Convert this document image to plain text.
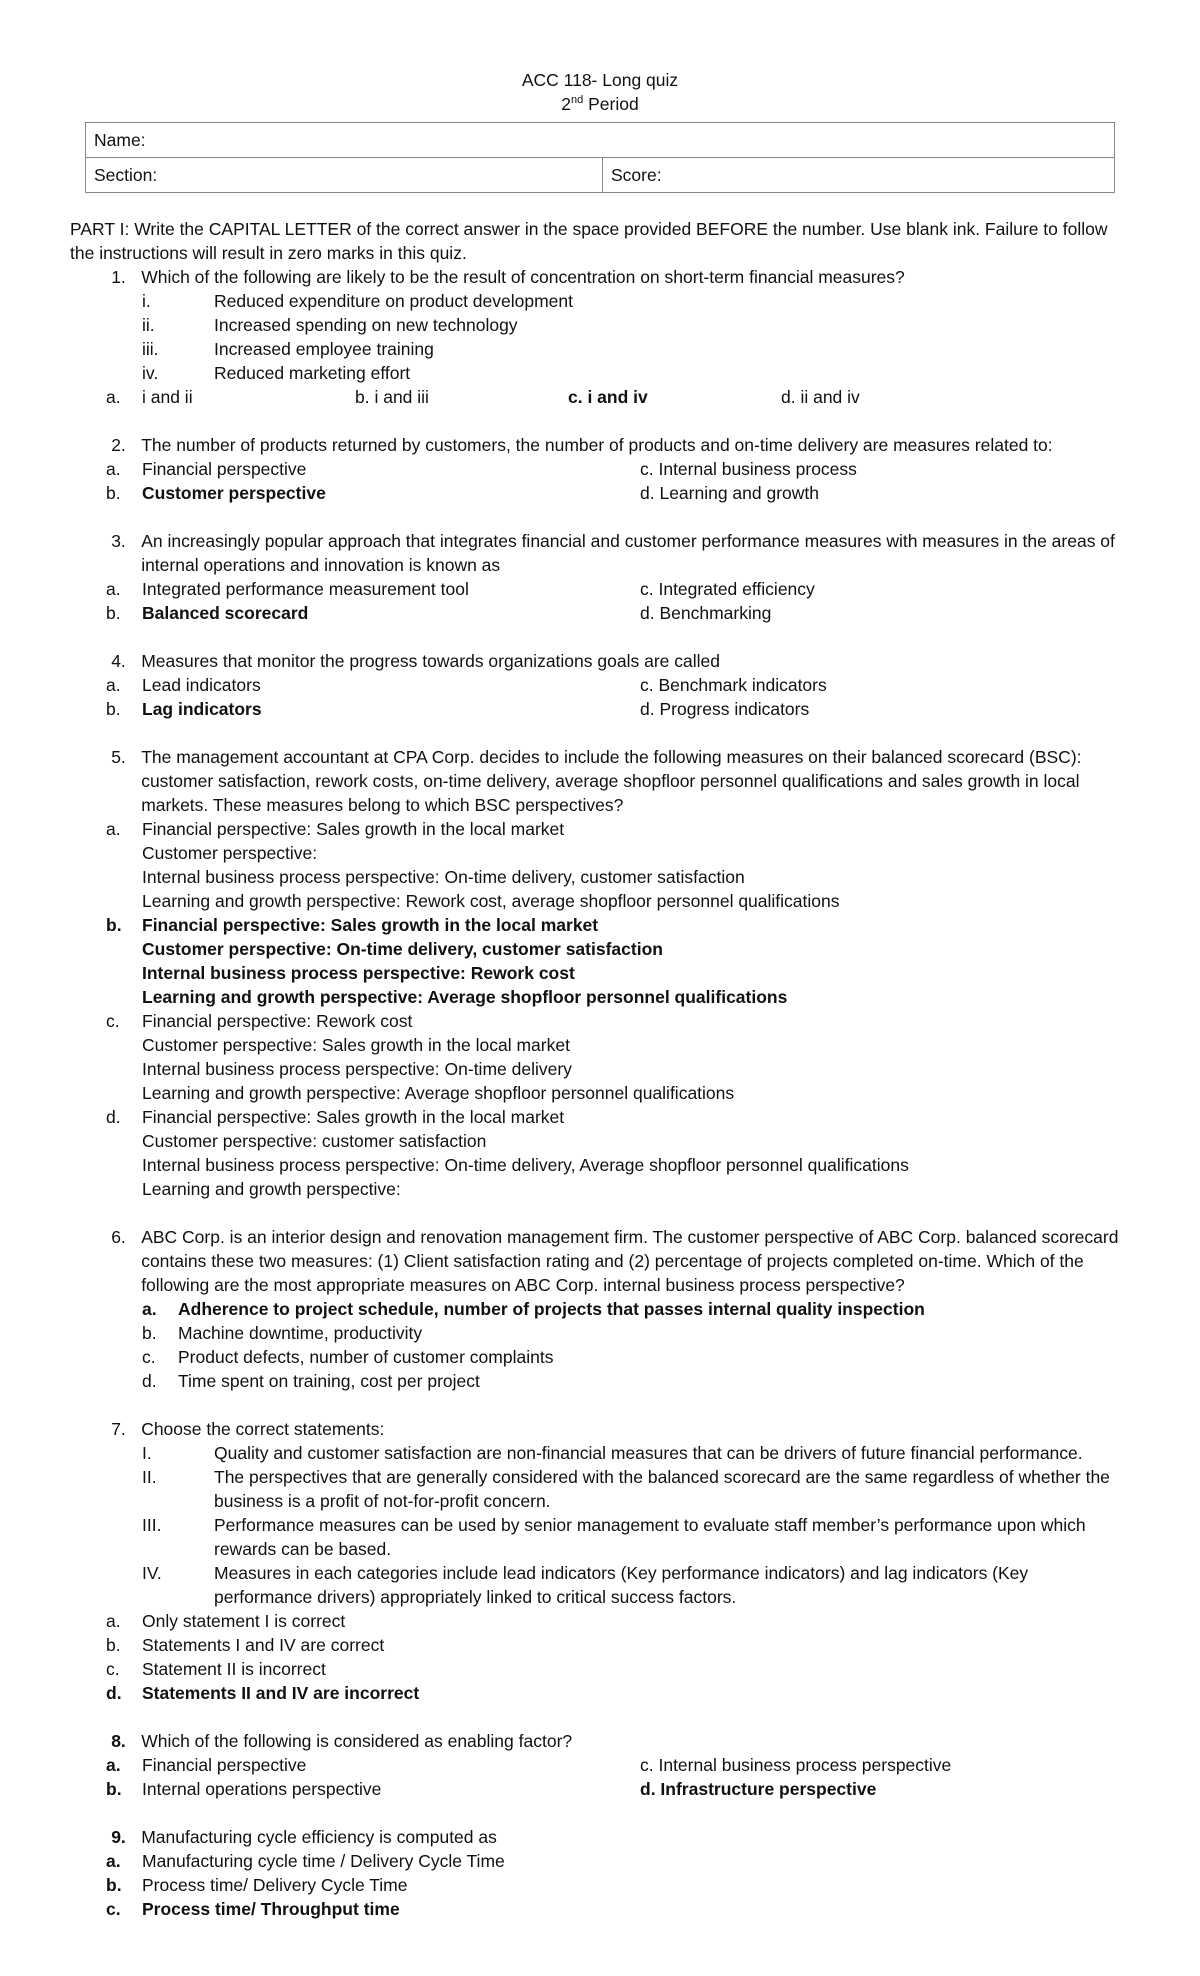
ACC 118- Long quiz
2nd Period
Name:
Section:	Score:
PART I: Write the CAPITAL LETTER of the correct answer in the space provided BEFORE the number. Use blank ink. Failure to follow the instructions will result in zero marks in this quiz.
1. Which of the following are likely to be the result of concentration on short-term financial measures?
i.	Reduced expenditure on product development
ii.	Increased spending on new technology
iii.	Increased employee training
iv.	Reduced marketing effort
a.	i and ii	b. i and iii	c. i and iv	d. ii and iv
2. The number of products returned by customers, the number of products and on-time delivery are measures related to:
a.	Financial perspective	c. Internal business process
b.	Customer perspective	d. Learning and growth
3. An increasingly popular approach that integrates financial and customer performance measures with measures in the areas of internal operations and innovation is known as
a.	Integrated performance measurement tool	c. Integrated efficiency
b.	Balanced scorecard	d. Benchmarking
4. Measures that monitor the progress towards organizations goals are called
a.	Lead indicators	c. Benchmark indicators
b.	Lag indicators	d. Progress indicators
5. The management accountant at CPA Corp. decides to include the following measures on their balanced scorecard (BSC): customer satisfaction, rework costs, on-time delivery, average shopfloor personnel qualifications and sales growth in local markets. These measures belong to which BSC perspectives?
a.	Financial perspective: Sales growth in the local market
Customer perspective:
Internal business process perspective: On-time delivery, customer satisfaction
Learning and growth perspective: Rework cost, average shopfloor personnel qualifications
b.	Financial perspective: Sales growth in the local market
Customer perspective: On-time delivery, customer satisfaction
Internal business process perspective: Rework cost
Learning and growth perspective: Average shopfloor personnel qualifications
c.	Financial perspective: Rework cost
Customer perspective: Sales growth in the local market
Internal business process perspective: On-time delivery
Learning and growth perspective: Average shopfloor personnel qualifications
d.	Financial perspective: Sales growth in the local market
Customer perspective: customer satisfaction
Internal business process perspective: On-time delivery, Average shopfloor personnel qualifications
Learning and growth perspective:
6. ABC Corp. is an interior design and renovation management firm. The customer perspective of ABC Corp. balanced scorecard contains these two measures: (1) Client satisfaction rating and (2) percentage of projects completed on-time. Which of the following are the most appropriate measures on ABC Corp. internal business process perspective?
a.	Adherence to project schedule, number of projects that passes internal quality inspection
b.	Machine downtime, productivity
c.	Product defects, number of customer complaints
d.	Time spent on training, cost per project
7. Choose the correct statements:
I.	Quality and customer satisfaction are non-financial measures that can be drivers of future financial performance.
II.	The perspectives that are generally considered with the balanced scorecard are the same regardless of whether the business is a profit of not-for-profit concern.
III.	Performance measures can be used by senior management to evaluate staff member’s performance upon which rewards can be based.
IV.	Measures in each categories include lead indicators (Key performance indicators) and lag indicators (Key performance drivers) appropriately linked to critical success factors.
a.	Only statement I is correct
b.	Statements I and IV are correct
c.	Statement II is incorrect
d.	Statements II and IV are incorrect
8. Which of the following is considered as enabling factor?
a.	Financial perspective	c. Internal business process perspective
b.	Internal operations perspective	d. Infrastructure perspective
9. Manufacturing cycle efficiency is computed as
a.	Manufacturing cycle time / Delivery Cycle Time
b.	Process time/ Delivery Cycle Time
c.	Process time/ Throughput time
